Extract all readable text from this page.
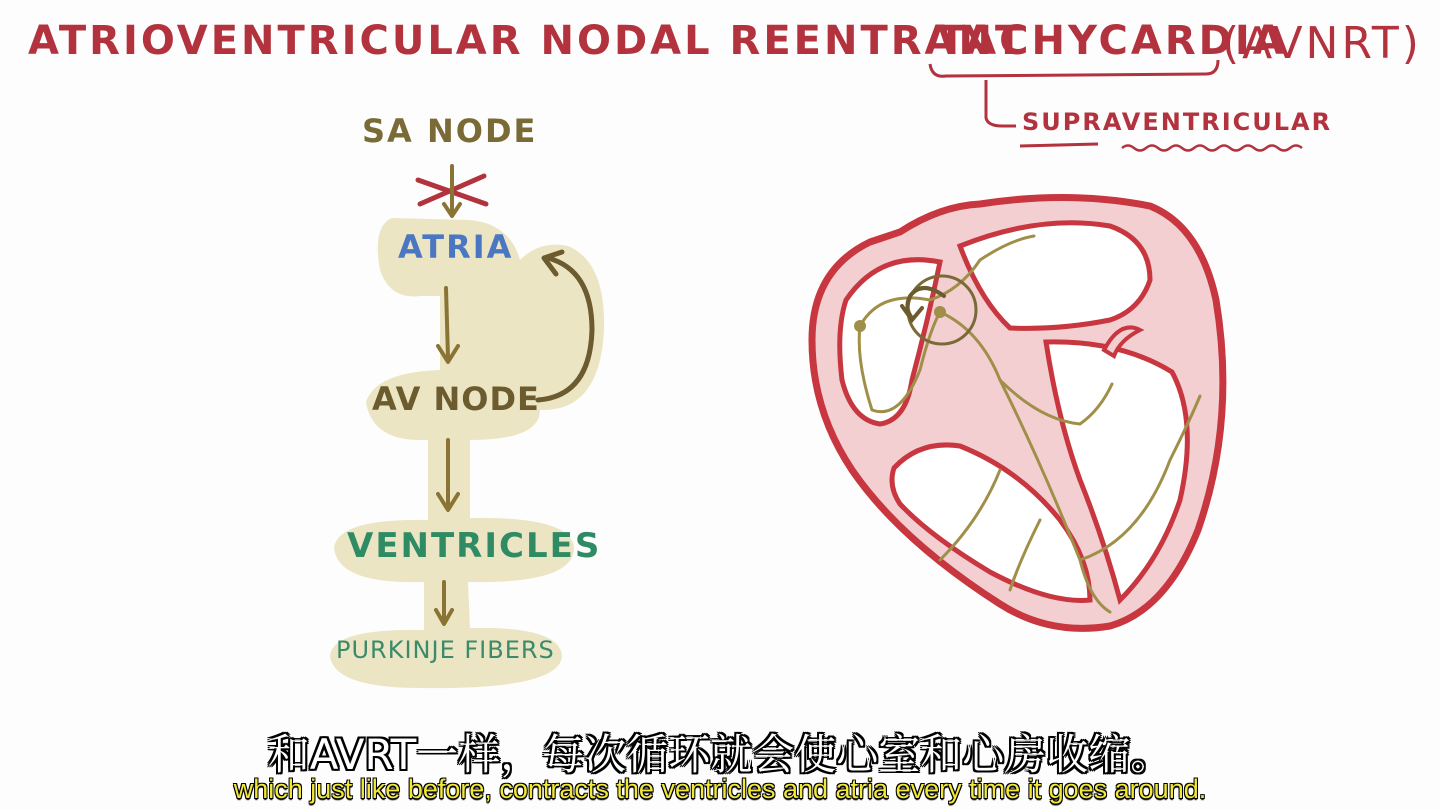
ATRIOVENTRICULAR NODAL REENTRANT
TACHYCARDIA
(AVNRT)
SUPRAVENTRICULAR
SA NODE
ATRIA
AV NODE
VENTRICLES
PURKINJE FIBERS
和AVRT一样，每次循环就会使心室和心房收缩。
which just like before, contracts the ventricles and atria every time it goes around.
